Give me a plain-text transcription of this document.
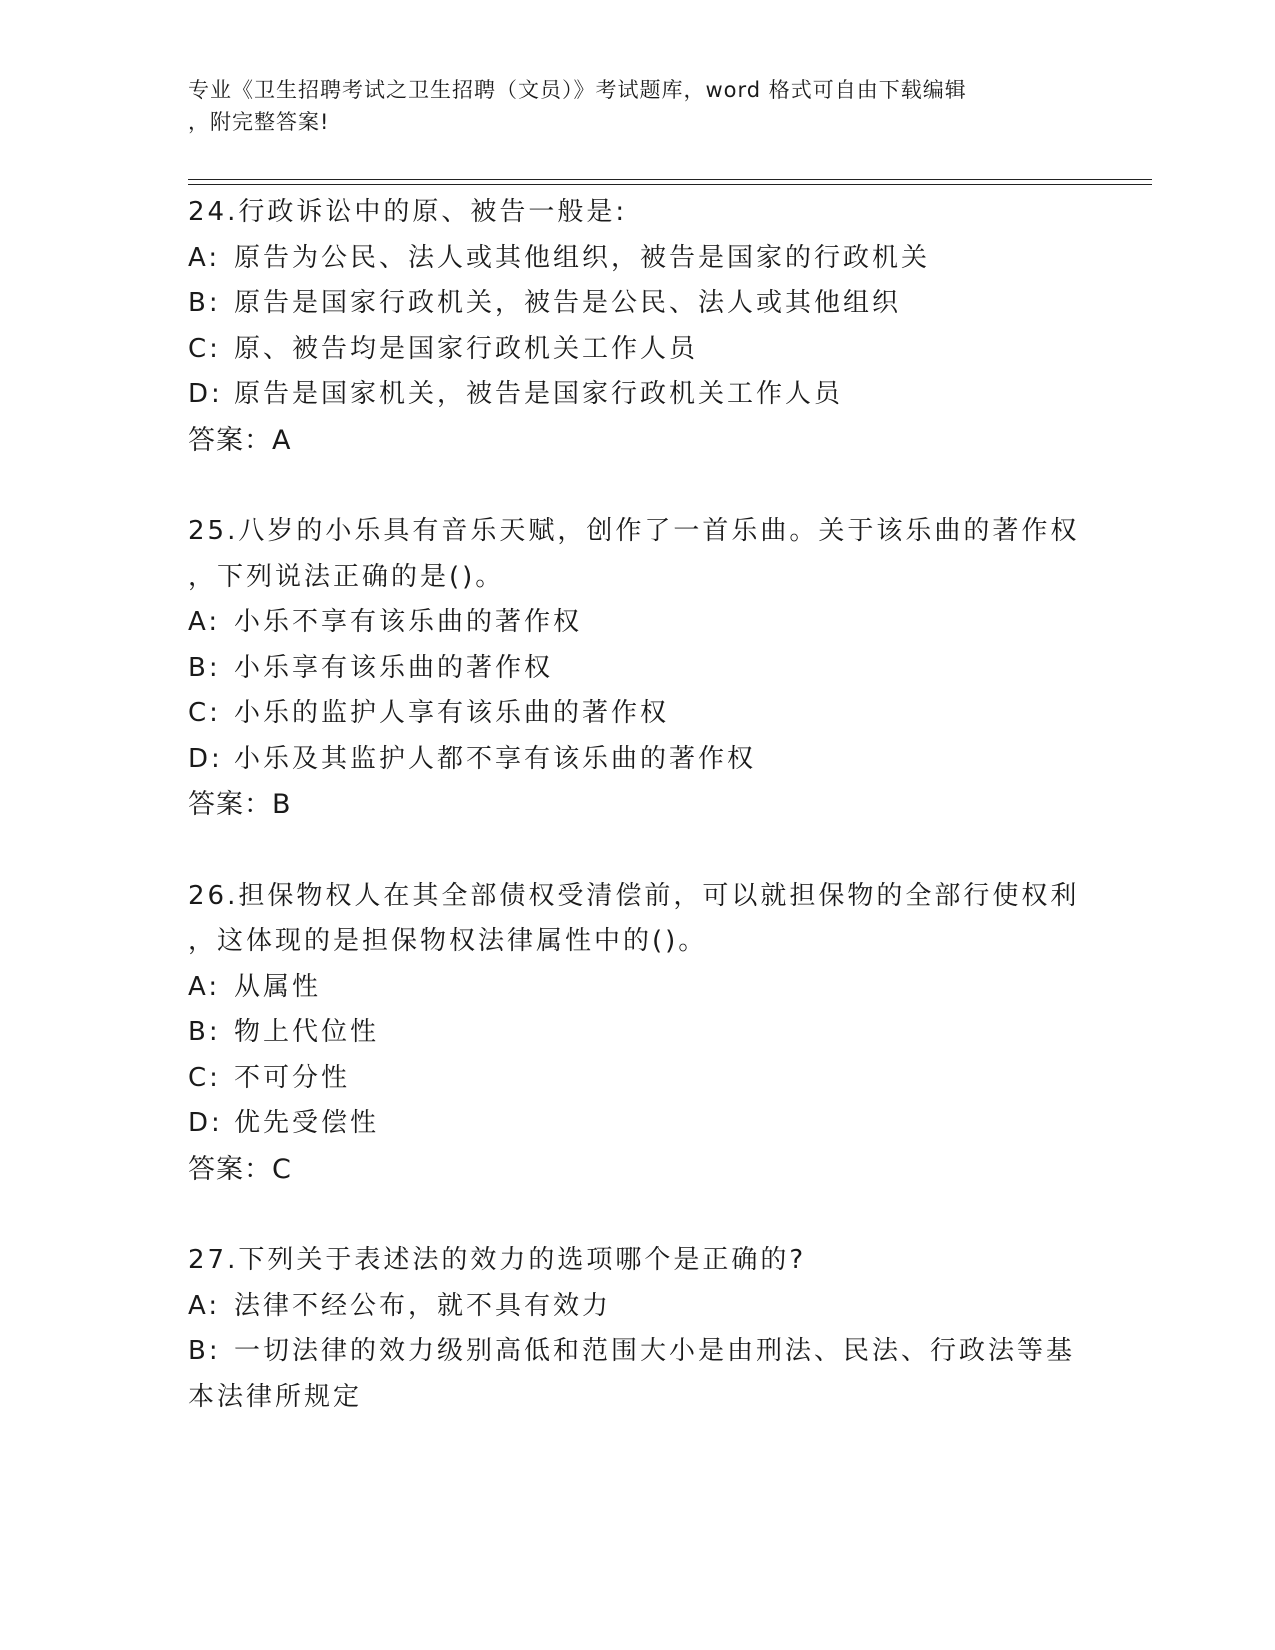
专业《卫生招聘考试之卫生招聘（文员）》考试题库，word 格式可自由下载编辑
，附完整答案!
24.行政诉讼中的原、被告一般是:
A: 原告为公民、法人或其他组织，被告是国家的行政机关
B: 原告是国家行政机关，被告是公民、法人或其他组织
C: 原、被告均是国家行政机关工作人员
D: 原告是国家机关，被告是国家行政机关工作人员
答案：A
25.八岁的小乐具有音乐天赋，创作了一首乐曲。关于该乐曲的著作权
，下列说法正确的是()。
A: 小乐不享有该乐曲的著作权
B: 小乐享有该乐曲的著作权
C: 小乐的监护人享有该乐曲的著作权
D: 小乐及其监护人都不享有该乐曲的著作权
答案：B
26.担保物权人在其全部债权受清偿前，可以就担保物的全部行使权利
，这体现的是担保物权法律属性中的()。
A: 从属性
B: 物上代位性
C: 不可分性
D: 优先受偿性
答案：C
27.下列关于表述法的效力的选项哪个是正确的?
A: 法律不经公布，就不具有效力
B: 一切法律的效力级别高低和范围大小是由刑法、民法、行政法等基
本法律所规定
